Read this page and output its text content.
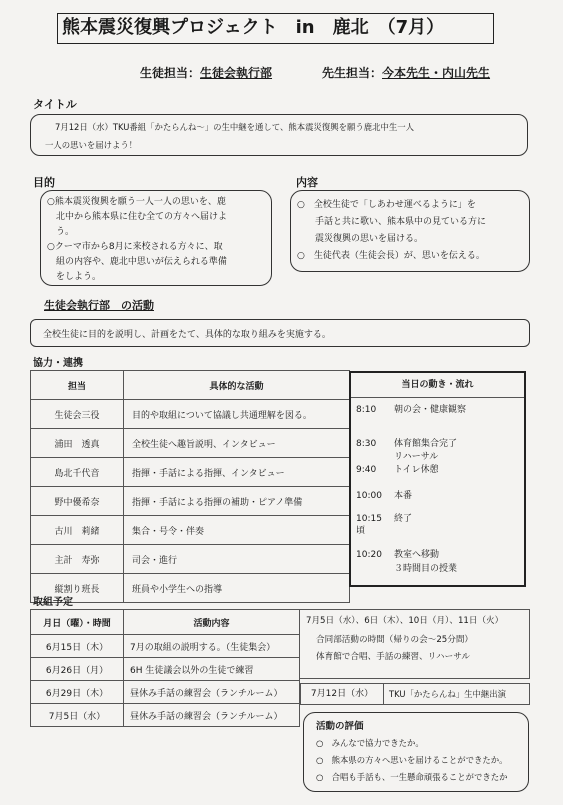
熊本震災復興プロジェクト　in　鹿北　（7月）
生徒担当：生徒会執行部	先生担当：今本先生・内山先生
タイトル
7月12日（水）TKU番組「かたらんね〜」の生中継を通して、熊本震災復興を願う鹿北中生一人
一人の思いを届けよう！
目的
○熊本震災復興を願う一人一人の思いを、鹿
　北中から熊本県に住む全ての方々へ届けよ
　う。
○クーマ市から8月に来校される方々に、取
　組の内容や、鹿北中思いが伝えられる準備
　をしよう。
内容
○　全校生徒で「しあわせ運べるように」を
　　手話と共に歌い、熊本県中の見ている方に
　　震災復興の思いを届ける。
○　生徒代表（生徒会長）が、思いを伝える。
生徒会執行部　の活動
全校生徒に目的を説明し、計画をたて、具体的な取り組みを実施する。
協力・連携
担当	具体的な活動
生徒会三役	目的や取組について協議し共通理解を図る。
浦田　透真	全校生徒へ趣旨説明、インタビュー
島北千代音	指揮・手話による指揮、インタビュー
野中優希奈	指揮・手話による指揮の補助・ピアノ準備
古川　莉緒	集合・号令・伴奏
主計　寿弥	司会・進行
縦割り班長	班員や小学生への指導
当日の動き・流れ
8:10 朝の会・健康観察
8:30 体育館集合完了
リハーサル
9:40 トイレ休憩
10:00 本番
10:15 終了
頃
10:20 教室へ移動
３時間目の授業
取組予定
月日（曜）・時間	活動内容
6月15日（木）	7月の取組の説明する。（生徒集会）
6月26日（月）	6H 生徒議会以外の生徒で練習
6月29日（木）	昼休み手話の練習会（ランチルーム）
7月5日（水）	昼休み手話の練習会（ランチルーム）
7月5日（水）、6日（木）、10日（月）、11日（火）
合同部活動の時間（帰りの会〜25分間）
体育館で合唱、手話の練習、リハーサル
7月12日（水）	TKU「かたらんね」生中継出演
活動の評価
○　みんなで協力できたか。
○　熊本県の方々へ思いを届けることができたか。
○　合唱も手話も、一生懸命頑張ることができたか
